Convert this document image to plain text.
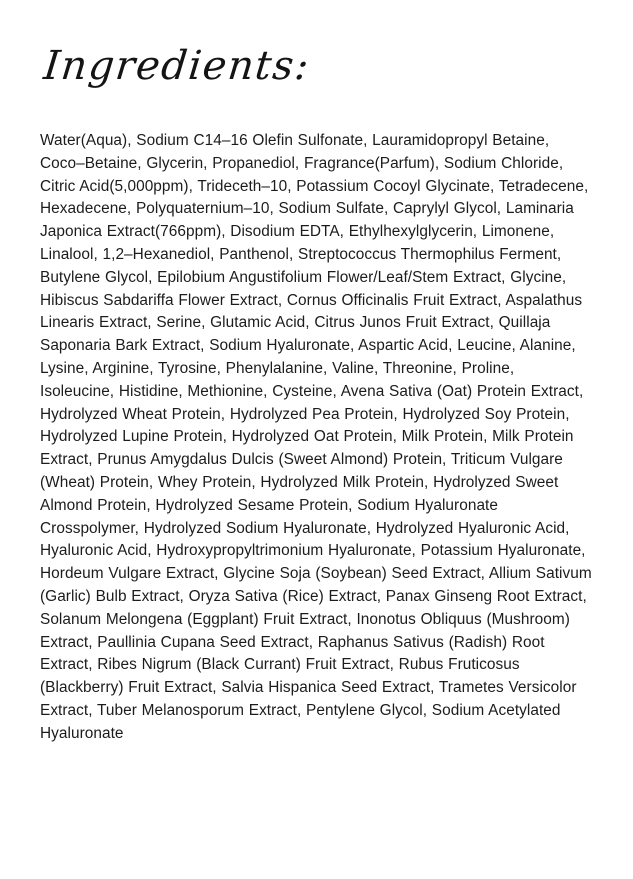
Ingredients:

Water(Aqua), Sodium C14–16 Olefin Sulfonate, Lauramidopropyl Betaine, Coco–Betaine, Glycerin, Propanediol, Fragrance(Parfum), Sodium Chloride, Citric Acid(5,000ppm), Trideceth–10, Potassium Cocoyl Glycinate, Tetradecene, Hexadecene, Polyquaternium–10, Sodium Sulfate, Caprylyl Glycol, Laminaria Japonica Extract(766ppm), Disodium EDTA, Ethylhexylglycerin, Limonene, Linalool, 1,2–Hexanediol, Panthenol, Streptococcus Thermophilus Ferment, Butylene Glycol, Epilobium Angustifolium Flower/Leaf/Stem Extract, Glycine, Hibiscus Sabdariffa Flower Extract, Cornus Officinalis Fruit Extract, Aspalathus Linearis Extract, Serine, Glutamic Acid, Citrus Junos Fruit Extract, Quillaja Saponaria Bark Extract, Sodium Hyaluronate, Aspartic Acid, Leucine, Alanine, Lysine, Arginine, Tyrosine, Phenylalanine, Valine, Threonine, Proline, Isoleucine, Histidine, Methionine, Cysteine, Avena Sativa (Oat) Protein Extract, Hydrolyzed Wheat Protein, Hydrolyzed Pea Protein, Hydrolyzed Soy Protein, Hydrolyzed Lupine Protein, Hydrolyzed Oat Protein, Milk Protein, Milk Protein Extract, Prunus Amygdalus Dulcis (Sweet Almond) Protein, Triticum Vulgare (Wheat) Protein, Whey Protein, Hydrolyzed Milk Protein, Hydrolyzed Sweet Almond Protein, Hydrolyzed Sesame Protein, Sodium Hyaluronate Crosspolymer, Hydrolyzed Sodium Hyaluronate, Hydrolyzed Hyaluronic Acid, Hyaluronic Acid, Hydroxypropyltrimonium Hyaluronate, Potassium Hyaluronate, Hordeum Vulgare Extract, Glycine Soja (Soybean) Seed Extract, Allium Sativum (Garlic) Bulb Extract, Oryza Sativa (Rice) Extract, Panax Ginseng Root Extract, Solanum Melongena (Eggplant) Fruit Extract, Inonotus Obliquus (Mushroom) Extract, Paullinia Cupana Seed Extract, Raphanus Sativus (Radish) Root Extract, Ribes Nigrum (Black Currant) Fruit Extract, Rubus Fruticosus (Blackberry) Fruit Extract, Salvia Hispanica Seed Extract, Trametes Versicolor Extract, Tuber Melanosporum Extract, Pentylene Glycol, Sodium Acetylated Hyaluronate
